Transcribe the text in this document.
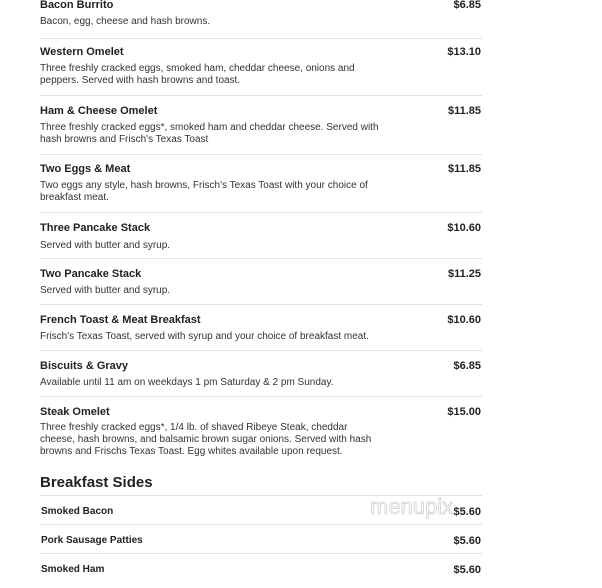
Bacon Burrito	$6.85
Bacon, egg, cheese and hash browns.
Western Omelet	$13.10
Three freshly cracked eggs, smoked ham, cheddar cheese, onions and peppers. Served with hash browns and toast.
Ham & Cheese Omelet	$11.85
Three freshly cracked eggs*, smoked ham and cheddar cheese. Served with hash browns and Frisch's Texas Toast
Two Eggs & Meat	$11.85
Two eggs any style, hash browns, Frisch's Texas Toast with your choice of breakfast meat.
Three Pancake Stack	$10.60
Served with butter and syrup.
Two Pancake Stack	$11.25
Served with butter and syrup.
French Toast & Meat Breakfast	$10.60
Frisch's Texas Toast, served with syrup and your choice of breakfast meat.
Biscuits & Gravy	$6.85
Available until 11 am on weekdays 1 pm Saturday & 2 pm Sunday.
Steak Omelet	$15.00
Three freshly cracked eggs*, 1/4 lb. of shaved Ribeye Steak, cheddar cheese, hash browns, and balsamic brown sugar onions. Served with hash browns and Frischs Texas Toast. Egg whites available upon request.
Breakfast Sides
Smoked Bacon	$5.60
Pork Sausage Patties	$5.60
Smoked Ham	$5.60
menupix
